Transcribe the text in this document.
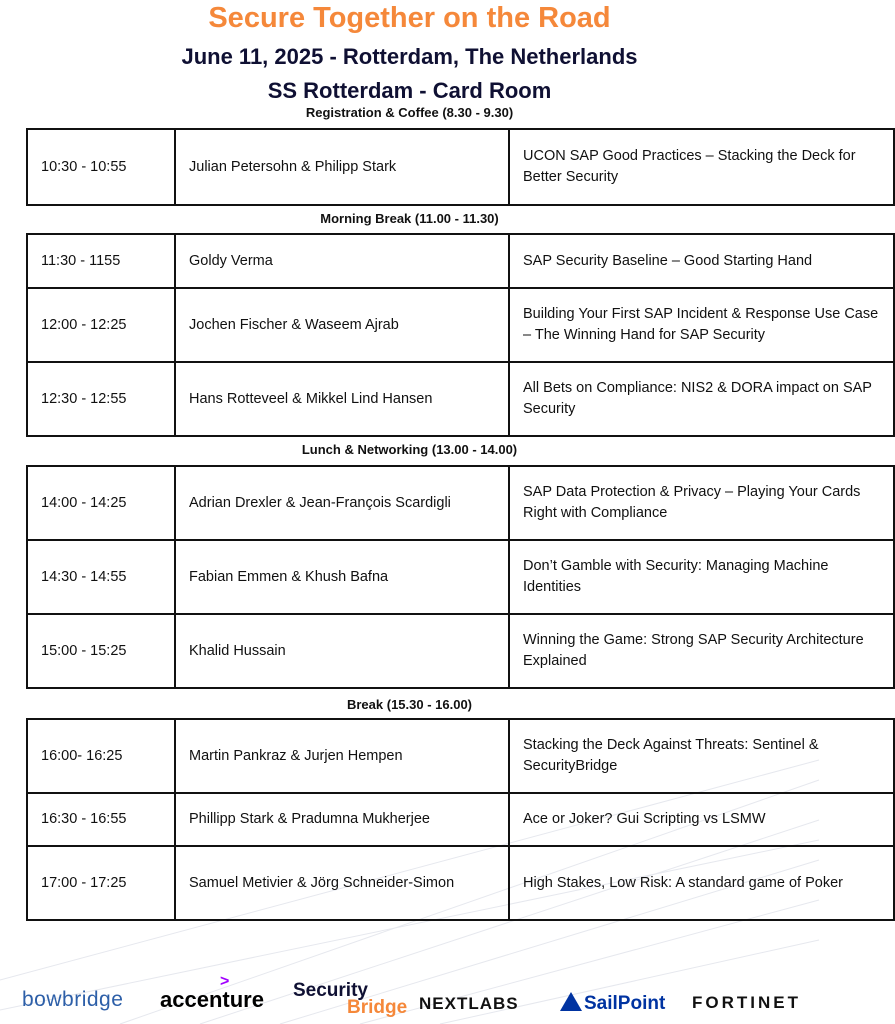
Secure Together on the Road
June 11, 2025 - Rotterdam, The Netherlands
SS Rotterdam - Card Room
Registration & Coffee (8.30 - 9.30)
10:30 - 10:55	Julian Petersohn & Philipp Stark	UCON SAP Good Practices – Stacking the Deck for Better Security
Morning Break (11.00 - 11.30)
11:30 - 1155	Goldy Verma	SAP Security Baseline – Good Starting Hand
12:00 - 12:25	Jochen Fischer & Waseem Ajrab	Building Your First SAP Incident & Response Use Case – The Winning Hand for SAP Security
12:30 - 12:55	Hans Rotteveel & Mikkel Lind Hansen	All Bets on Compliance: NIS2 & DORA impact on SAP Security
Lunch & Networking (13.00 - 14.00)
14:00 - 14:25	Adrian Drexler & Jean-François Scardigli	SAP Data Protection & Privacy – Playing Your Cards Right with Compliance
14:30 - 14:55	Fabian Emmen & Khush Bafna	Don’t Gamble with Security: Managing Machine Identities
15:00 - 15:25	Khalid Hussain	Winning the Game: Strong SAP Security Architecture Explained
Break (15.30 - 16.00)
16:00- 16:25	Martin Pankraz & Jurjen Hempen	Stacking the Deck Against Threats: Sentinel & SecurityBridge
16:30 - 16:55	Phillipp Stark & Pradumna Mukherjee	Ace or Joker? Gui Scripting vs LSMW
17:00 - 17:25	Samuel Metivier & Jörg Schneider-Simon	High Stakes, Low Risk: A standard game of Poker
bowbridge
>
accenture Security
Bridge NEXTLABS	SailPoint FORTINET
